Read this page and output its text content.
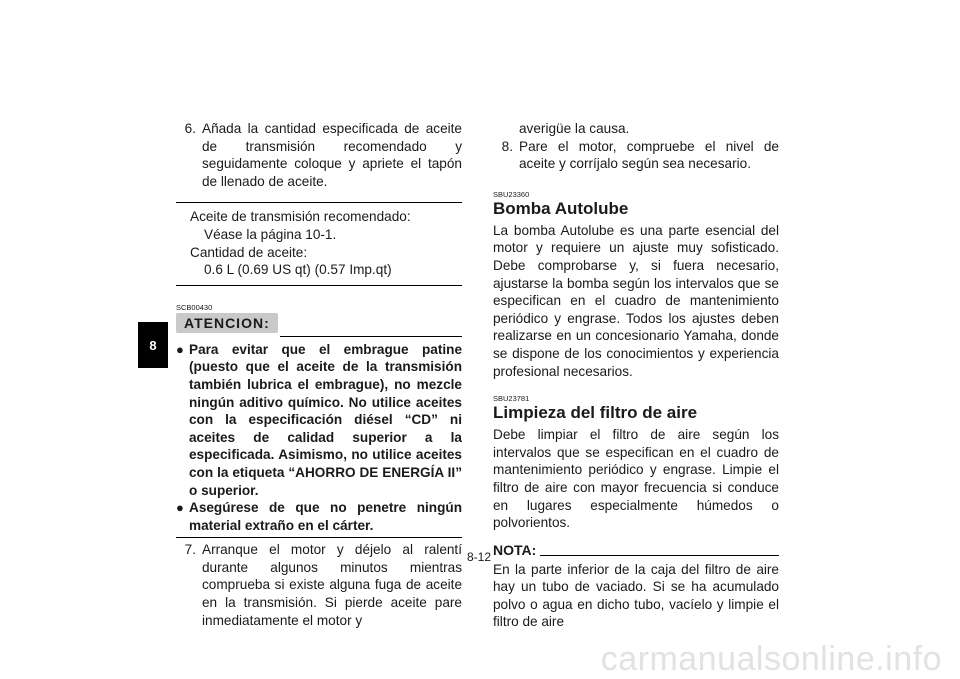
8
6. Añada la cantidad especificada de aceite de transmisión recomendado y seguidamente coloque y apriete el tapón de llenado de aceite.

Aceite de transmisión recomendado:

Véase la página 10-1.

Cantidad de aceite:

0.6 L (0.69 US qt) (0.57 Imp.qt)

SCB00430
ATENCION:
● Para evitar que el embrague patine (puesto que el aceite de la transmisión también lubrica el embrague), no mezcle ningún aditivo químico. No utilice aceites con la especificación diésel “CD” ni aceites de calidad superior a la especificada. Asimismo, no utilice aceites con la etiqueta “AHORRO DE ENERGÍA II” o superior.
● Asegúrese de que no penetre ningún material extraño en el cárter.
7. Arranque el motor y déjelo al ralentí durante algunos minutos mientras comprueba si existe alguna fuga de aceite en la transmisión. Si pierde aceite pare inmediatamente el motor y
averigüe la causa.
8. Pare el motor, compruebe el nivel de aceite y corríjalo según sea necesario.
SBU23360
Bomba Autolube

La bomba Autolube es una parte esencial del motor y requiere un ajuste muy sofisticado. Debe comprobarse y, si fuera necesario, ajustarse la bomba según los intervalos que se especifican en el cuadro de mantenimiento periódico y engrase. Todos los ajustes deben realizarse en un concesionario Yamaha, donde se dispone de los conocimientos y experiencia profesional necesarios.

SBU23781
Limpieza del filtro de aire

Debe limpiar el filtro de aire según los intervalos que se especifican en el cuadro de mantenimiento periódico y engrase. Limpie el filtro de aire con mayor frecuencia si conduce en lugares especialmente húmedos o polvorientos.

NOTA:

En la parte inferior de la caja del filtro de aire hay un tubo de vaciado. Si se ha acumulado polvo o agua en dicho tubo, vacíelo y limpie el filtro de aire

8-12
carmanualsonline.info
